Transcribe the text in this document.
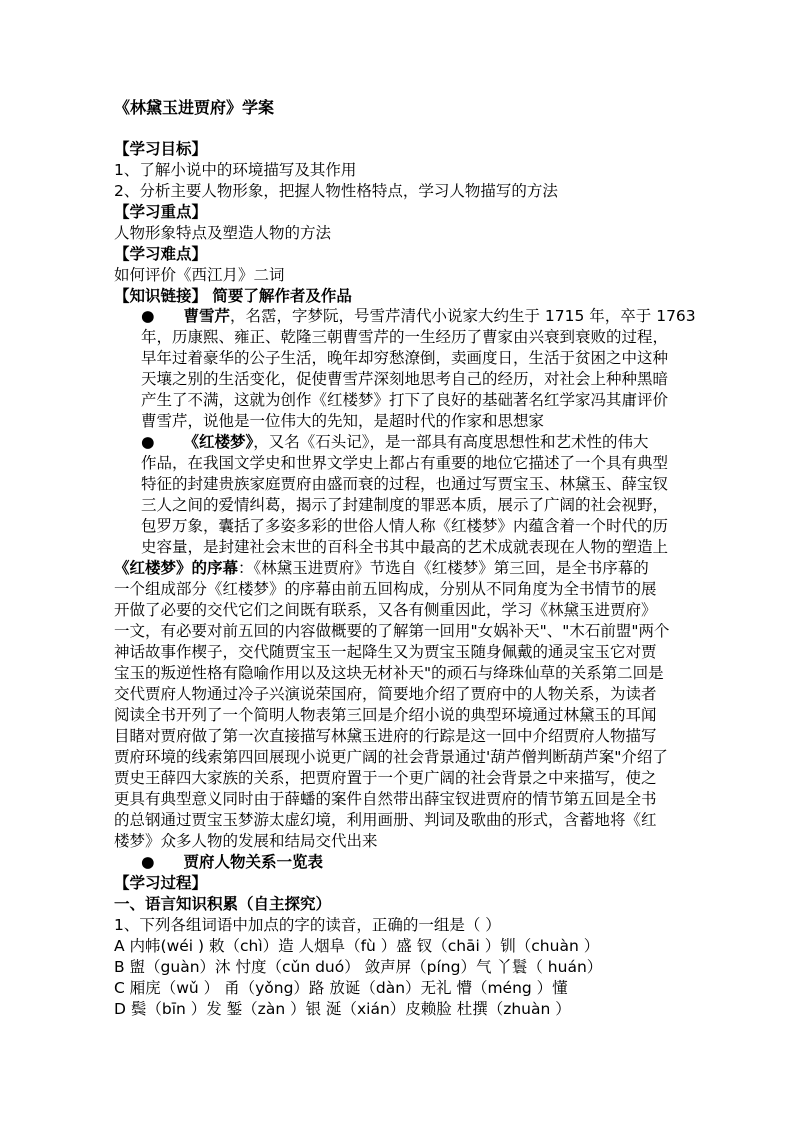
《林黛玉进贾府》学案
【学习目标】
1、了解小说中的环境描写及其作用
2、分析主要人物形象，把握人物性格特点，学习人物描写的方法
【学习重点】
人物形象特点及塑造人物的方法
【学习难点】
如何评价《西江月》二词
【知识链接】 简要了解作者及作品
● 曹雪芹，名霑，字梦阮，号雪芹清代小说家大约生于 1715 年，卒于 1763
年，历康熙、雍正、乾隆三朝曹雪芹的一生经历了曹家由兴衰到衰败的过程，
早年过着豪华的公子生活，晚年却穷愁潦倒，卖画度日，生活于贫困之中这种
天壤之别的生活变化，促使曹雪芹深刻地思考自己的经历，对社会上种种黑暗
产生了不满，这就为创作《红楼梦》打下了良好的基础著名红学家冯其庸评价
曹雪芹，说他是一位伟大的先知，是超时代的作家和思想家
● 《红楼梦》，又名《石头记》，是一部具有高度思想性和艺术性的伟大
作品，在我国文学史和世界文学史上都占有重要的地位它描述了一个具有典型
特征的封建贵族家庭贾府由盛而衰的过程，也通过写贾宝玉、林黛玉、薛宝钗
三人之间的爱情纠葛，揭示了封建制度的罪恶本质，展示了广阔的社会视野，
包罗万象，囊括了多姿多彩的世俗人情人称《红楼梦》内蕴含着一个时代的历
史容量，是封建社会末世的百科全书其中最高的艺术成就表现在人物的塑造上
《红楼梦》的序幕：《林黛玉进贾府》节选自《红楼梦》第三回，是全书序幕的
一个组成部分《红楼梦》的序幕由前五回构成，分别从不同角度为全书情节的展
开做了必要的交代它们之间既有联系，又各有侧重因此，学习《林黛玉进贾府》
一文，有必要对前五回的内容做概要的了解第一回用"女娲补天"、"木石前盟"两个
神话故事作楔子，交代随贾宝玉一起降生又为贾宝玉随身佩戴的通灵宝玉它对贾
宝玉的叛逆性格有隐喻作用以及这块无材补天"的顽石与绛珠仙草的关系第二回是
交代贾府人物通过冷子兴演说荣国府，简要地介绍了贾府中的人物关系，为读者
阅读全书开列了一个简明人物表第三回是介绍小说的典型环境通过林黛玉的耳闻
目睹对贾府做了第一次直接描写林黛玉进府的行踪是这一回中介绍贾府人物描写
贾府环境的线索第四回展现小说更广阔的社会背景通过'葫芦僧判断葫芦案"介绍了
贾史王薛四大家族的关系，把贾府置于一个更广阔的社会背景之中来描写，使之
更具有典型意义同时由于薛蟠的案件自然带出薛宝钗进贾府的情节第五回是全书
的总钢通过贾宝玉梦游太虚幻境，利用画册、判词及歌曲的形式，含蓄地将《红
楼梦》众多人物的发展和结局交代出来
● 贾府人物关系一览表
【学习过程】
一、语言知识积累（自主探究）
1、下列各组词语中加点的字的读音，正确的一组是（ ）
A 内帏(wéi ) 敕（chì）造 人烟阜（fù ）盛 钗（chāi ）钏（chuàn ）
B 盥（guàn）沐 忖度（cǔn duó） 敛声屏（píng）气 丫鬟（ huán）
C 厢庑（wǔ ） 甬（yǒng）路 放诞（dàn）无礼 懵（méng ）懂
D 鬓（bīn ）发 錾（zàn ）银 涎（xián）皮赖脸 杜撰（zhuàn ）
